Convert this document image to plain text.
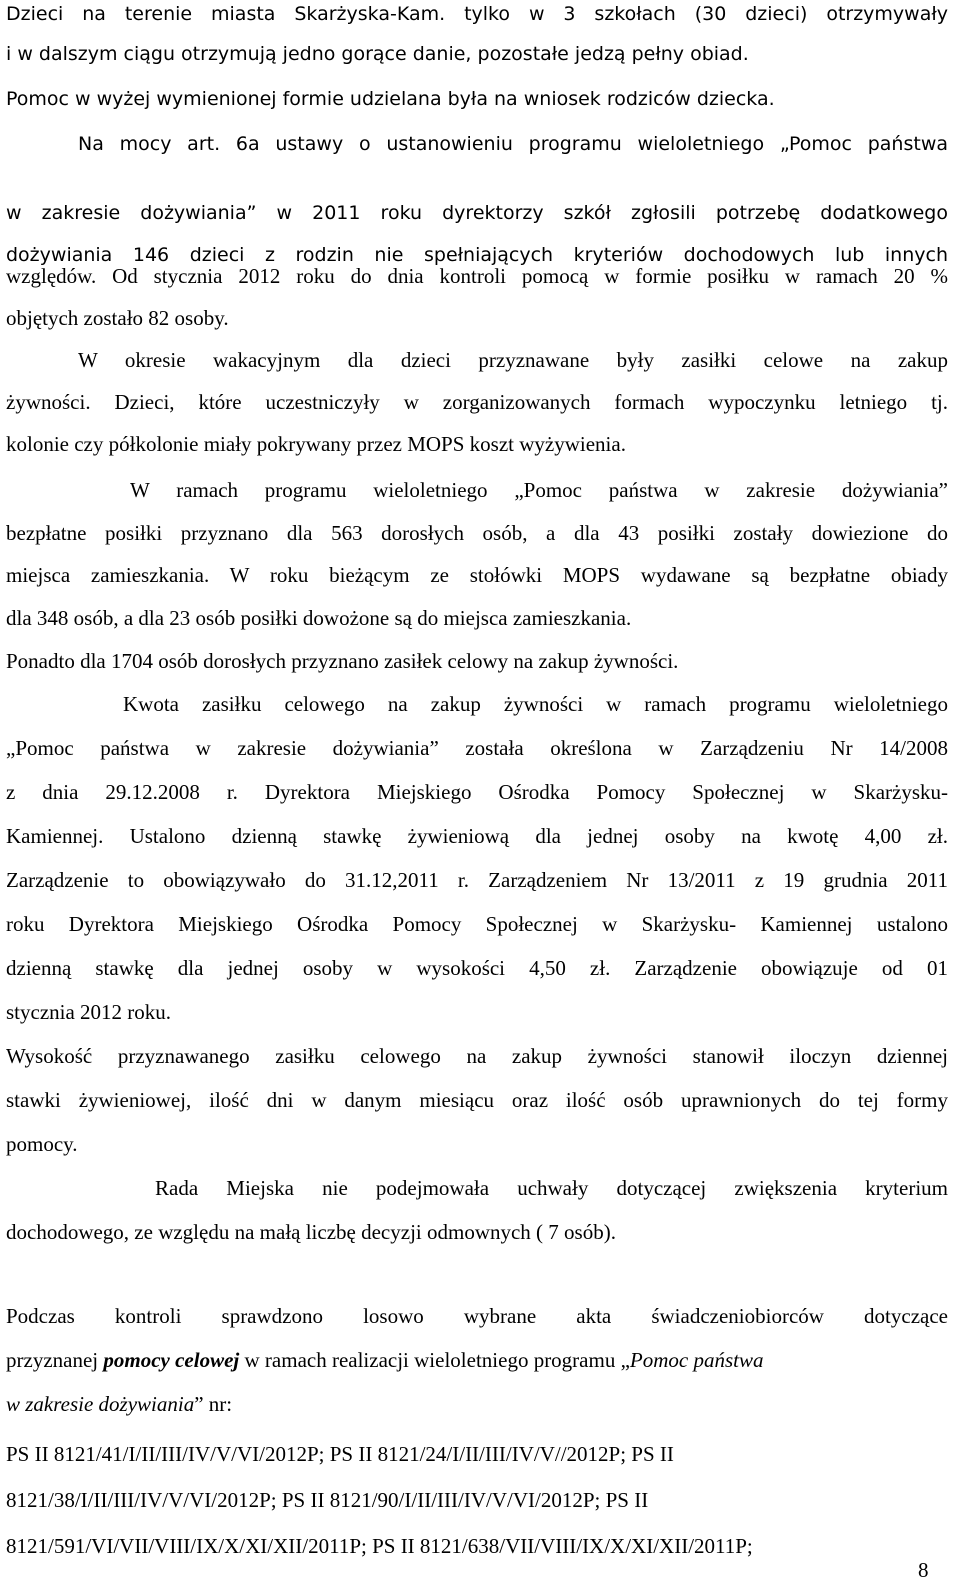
Dzieci na terenie miasta Skarżyska-Kam. tylko w 3 szkołach (30 dzieci) otrzymywały
i w dalszym ciągu otrzymują jedno gorące danie, pozostałe jedzą pełny obiad.
Pomoc w wyżej wymienionej formie udzielana była na wniosek rodziców dziecka.
Na mocy art. 6a ustawy o ustanowieniu programu wieloletniego „Pomoc państwa
w zakresie dożywiania” w 2011 roku dyrektorzy szkół zgłosili potrzebę dodatkowego
dożywiania 146 dzieci z rodzin nie spełniających kryteriów dochodowych lub innych
względów. Od stycznia 2012 roku do dnia kontroli pomocą w formie posiłku w ramach 20 %
objętych zostało 82 osoby.
W okresie wakacyjnym dla dzieci przyznawane były zasiłki celowe na zakup
żywności. Dzieci, które uczestniczyły w zorganizowanych formach wypoczynku letniego tj.
kolonie czy półkolonie miały pokrywany przez MOPS koszt wyżywienia.
W ramach programu wieloletniego „Pomoc państwa w zakresie dożywiania”
bezpłatne posiłki przyznano dla 563 dorosłych osób, a dla 43 posiłki zostały dowiezione do
miejsca zamieszkania. W roku bieżącym ze stołówki MOPS wydawane są bezpłatne obiady
dla 348 osób, a dla 23 osób posiłki dowożone są do miejsca zamieszkania.
Ponadto dla 1704 osób dorosłych przyznano zasiłek celowy na zakup żywności.
Kwota zasiłku celowego na zakup żywności w ramach programu wieloletniego
„Pomoc państwa w zakresie dożywiania” została określona w Zarządzeniu Nr 14/2008
z dnia 29.12.2008 r. Dyrektora Miejskiego Ośrodka Pomocy Społecznej w Skarżysku-
Kamiennej. Ustalono dzienną stawkę żywieniową dla jednej osoby na kwotę 4,00 zł.
Zarządzenie to obowiązywało do 31.12,2011 r. Zarządzeniem Nr 13/2011 z 19 grudnia 2011
roku Dyrektora Miejskiego Ośrodka Pomocy Społecznej w Skarżysku- Kamiennej ustalono
dzienną stawkę dla jednej osoby w wysokości 4,50 zł. Zarządzenie obowiązuje od 01
stycznia 2012 roku.
Wysokość przyznawanego zasiłku celowego na zakup żywności stanowił iloczyn dziennej
stawki żywieniowej, ilość dni w danym miesiącu oraz ilość osób uprawnionych do tej formy
pomocy.
Rada Miejska nie podejmowała uchwały dotyczącej zwiększenia kryterium
dochodowego, ze względu na małą liczbę decyzji odmownych ( 7 osób).
Podczas kontroli sprawdzono losowo wybrane akta świadczeniobiorców dotyczące
przyznanej pomocy celowej w ramach realizacji wieloletniego programu „Pomoc państwa
w zakresie dożywiania” nr:
PS II 8121/41/I/II/III/IV/V/VI/2012P; PS II 8121/24/I/II/III/IV/V//2012P; PS II
8121/38/I/II/III/IV/V/VI/2012P; PS II 8121/90/I/II/III/IV/V/VI/2012P; PS II
8121/591/VI/VII/VIII/IX/X/XI/XII/2011P; PS II 8121/638/VII/VIII/IX/X/XI/XII/2011P;
8
